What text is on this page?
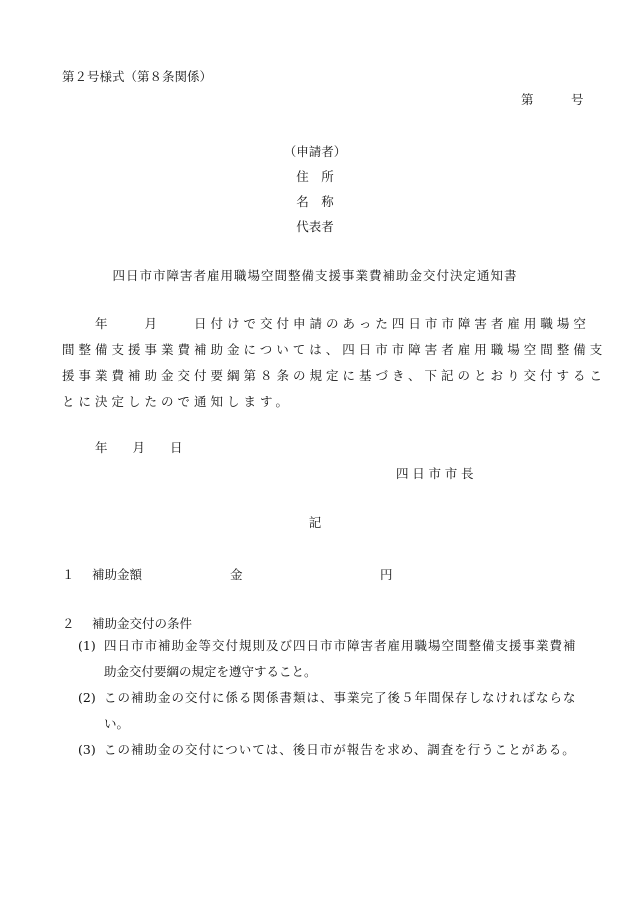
第２号様式（第８条関係）
第　　　号
（申請者）
住　所
名　称
代表者
四日市市障害者雇用職場空間整備支援事業費補助金交付決定通知書
　　年　　月　　日付けで交付申請のあった四日市市障害者雇用職場空
間整備支援事業費補助金については、四日市市障害者雇用職場空間整備支
援事業費補助金交付要綱第８条の規定に基づき、下記のとおり交付するこ
とに決定したので通知します。
年　　月　　日
四日市市長
記
１ 補助金額	金	円
２ 補助金交付の条件
(1) 四日市市補助金等交付規則及び四日市市障害者雇用職場空間整備支援事業費補
助金交付要綱の規定を遵守すること。
(2) この補助金の交付に係る関係書類は、事業完了後５年間保存しなければならな
い。
(3) この補助金の交付については、後日市が報告を求め、調査を行うことがある。
